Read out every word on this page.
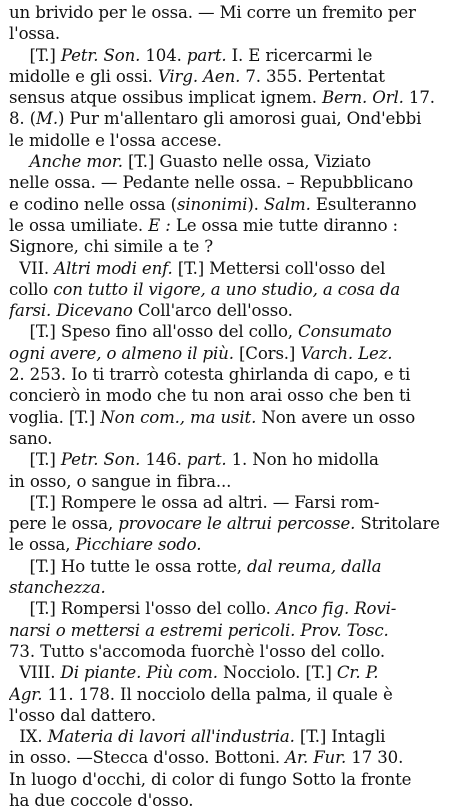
un brivido per le ossa. — Mi corre un fremito per
l'ossa.
[T.] Petr. Son. 104. part. I. E ricercarmi le
midolle e gli ossi. Virg. Aen. 7. 355. Pertentat
sensus atque ossibus implicat ignem. Bern. Orl. 17.
8. (M.) Pur m'allentaro gli amorosi guai, Ond'ebbi
le midolle e l'ossa accese.
Anche mor. [T.] Guasto nelle ossa, Viziato
nelle ossa. — Pedante nelle ossa. – Repubblicano
e codino nelle ossa (sinonimi). Salm. Esulteranno
le ossa umiliate. E : Le ossa mie tutte diranno :
Signore, chi simile a te ?
VII. Altri modi enf. [T.] Mettersi coll'osso del
collo con tutto il vigore, a uno studio, a cosa da
farsi. Dicevano Coll'arco dell'osso.
[T.] Speso fino all'osso del collo, Consumato
ogni avere, o almeno il più. [Cors.] Varch. Lez.
2. 253. Io ti trarrò cotesta ghirlanda di capo, e ti
concierò in modo che tu non arai osso che ben ti
voglia. [T.] Non com., ma usit. Non avere un osso
sano.
[T.] Petr. Son. 146. part. 1. Non ho midolla
in osso, o sangue in fibra...
[T.] Rompere le ossa ad altri. — Farsi rom-
pere le ossa, provocare le altrui percosse. Stritolare
le ossa, Picchiare sodo.
[T.] Ho tutte le ossa rotte, dal reuma, dalla
stanchezza.
[T.] Rompersi l'osso del collo. Anco fig. Rovi-
narsi o mettersi a estremi pericoli. Prov. Tosc.
73. Tutto s'accomoda fuorchè l'osso del collo.
VIII. Di piante. Più com. Nocciolo. [T.] Cr. P.
Agr. 11. 178. Il nocciolo della palma, il quale è
l'osso dal dattero.
IX. Materia di lavori all'industria. [T.] Intagli
in osso. —Stecca d'osso. Bottoni. Ar. Fur. 17 30.
In luogo d'occhi, di color di fungo Sotto la fronte
ha due coccole d'osso.
